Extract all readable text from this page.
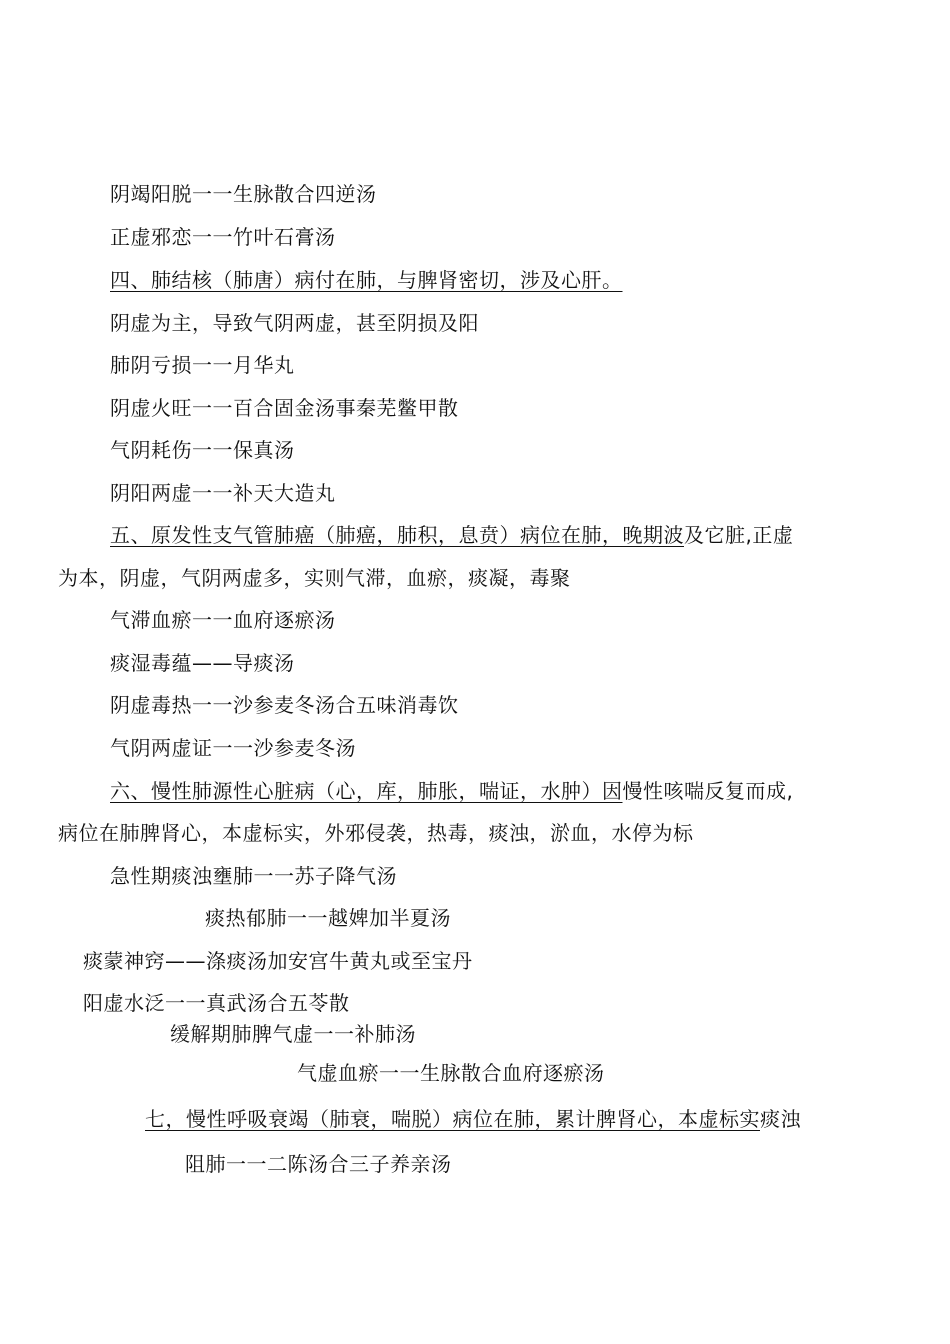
阴竭阳脱一一生脉散合四逆汤
正虚邪恋一一竹叶石膏汤
四、肺结核（肺唐）病付在肺，与脾肾密切，涉及心肝。
阴虚为主，导致气阴两虚，甚至阴损及阳
肺阴亏损一一月华丸
阴虚火旺一一百合固金汤事秦芜鳖甲散
气阴耗伤一一保真汤
阴阳两虚一一补天大造丸
五、原发性支气管肺癌（肺癌，肺积，息贲）病位在肺，晚期波及它脏,正虚
为本，阴虚，气阴两虚多，实则气滞，血瘀，痰凝，毒聚
气滞血瘀一一血府逐瘀汤
痰湿毒蕴——导痰汤
阴虚毒热一一沙参麦冬汤合五味消毒饮
气阴两虚证一一沙参麦冬汤
六、慢性肺源性心脏病（心，库，肺胀，喘证，水肿）因慢性咳喘反复而成,
病位在肺脾肾心，本虚标实，外邪侵袭，热毒，痰浊，淤血，水停为标
急性期痰浊壅肺一一苏子降气汤
痰热郁肺一一越婢加半夏汤
痰蒙神窍——涤痰汤加安宫牛黄丸或至宝丹
阳虚水泛一一真武汤合五苓散
缓解期肺脾气虚一一补肺汤
气虚血瘀一一生脉散合血府逐瘀汤
七，慢性呼吸衰竭（肺衰，喘脱）病位在肺，累计脾肾心，本虚标实痰浊
阻肺一一二陈汤合三子养亲汤
